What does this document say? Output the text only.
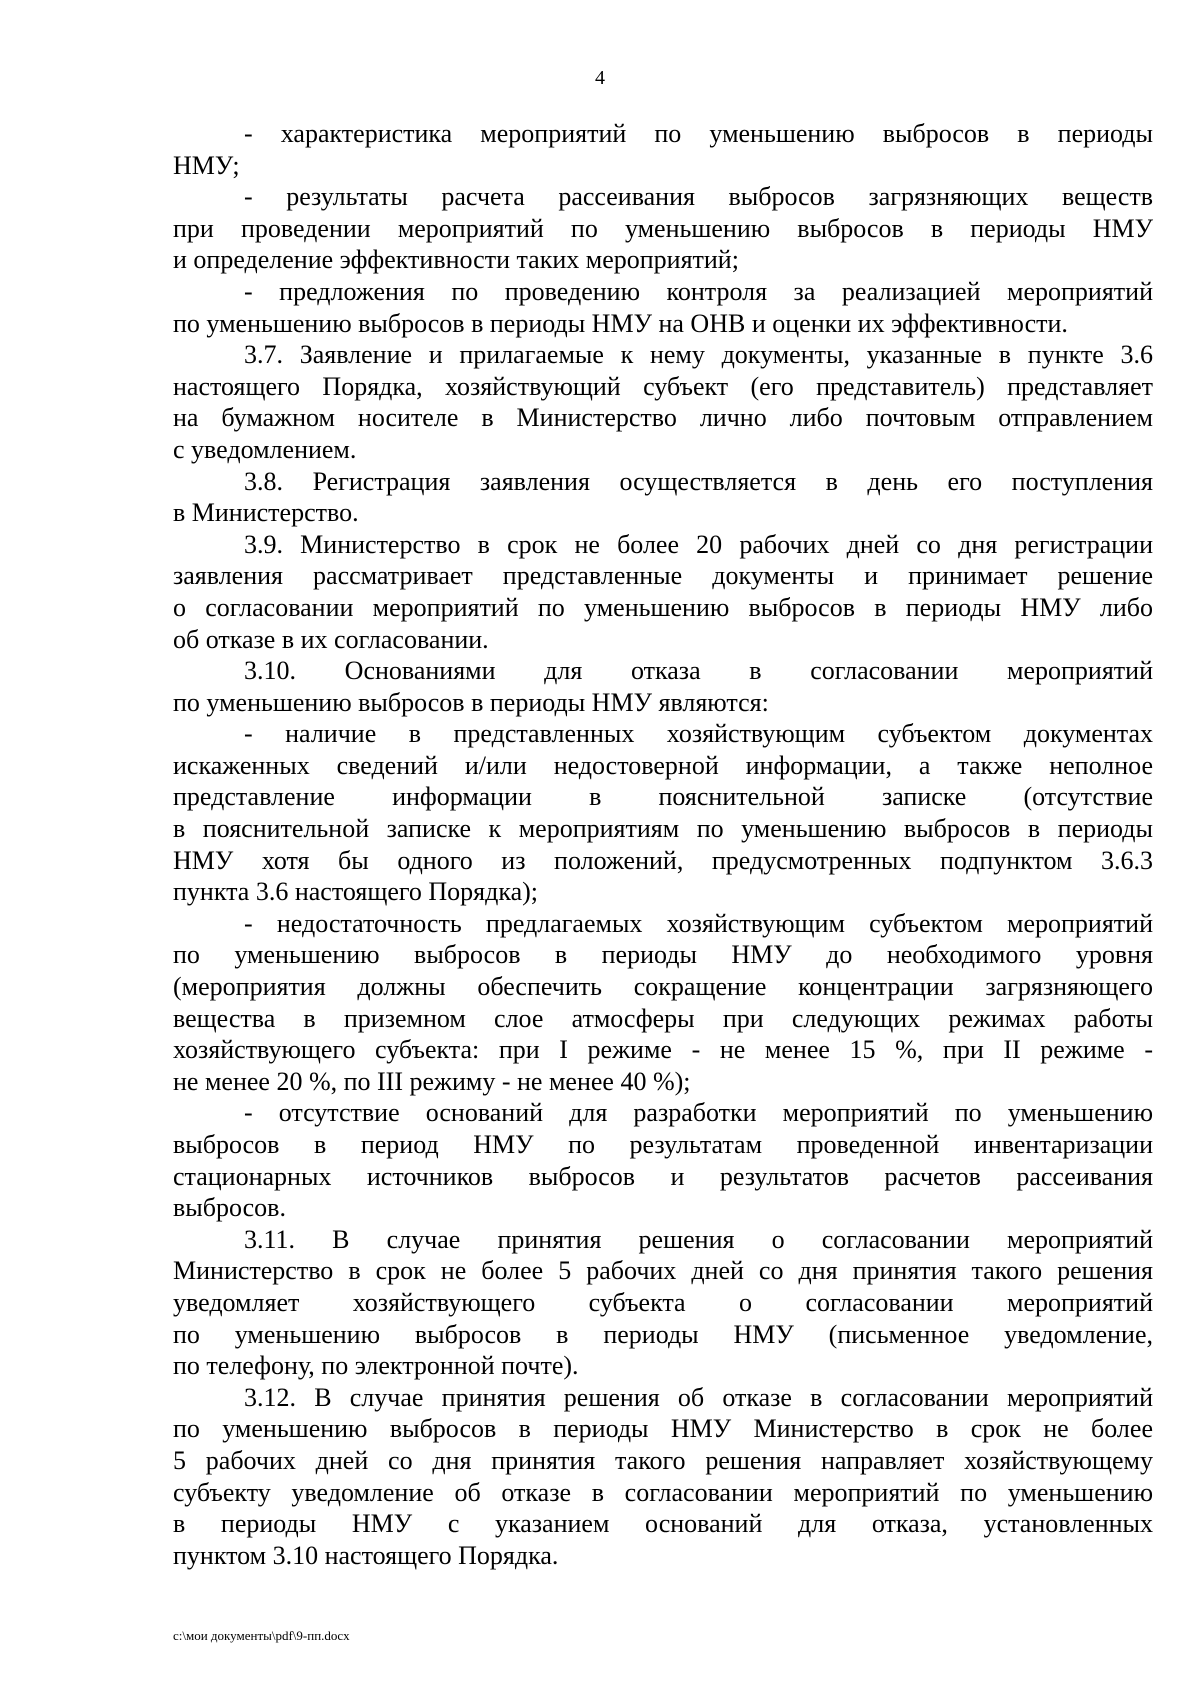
4
- характеристика мероприятий по уменьшению выбросов в периоды
НМУ;
- результаты расчета рассеивания выбросов загрязняющих веществ
при проведении мероприятий по уменьшению выбросов в периоды НМУ
и определение эффективности таких мероприятий;
- предложения по проведению контроля за реализацией мероприятий
по уменьшению выбросов в периоды НМУ на ОНВ и оценки их эффективности.
3.7. Заявление и прилагаемые к нему документы, указанные в пункте 3.6
настоящего Порядка, хозяйствующий субъект (его представитель) представляет
на бумажном носителе в Министерство лично либо почтовым отправлением
с уведомлением.
3.8. Регистрация заявления осуществляется в день его поступления
в Министерство.
3.9. Министерство в срок не более 20 рабочих дней со дня регистрации
заявления рассматривает представленные документы и принимает решение
о согласовании мероприятий по уменьшению выбросов в периоды НМУ либо
об отказе в их согласовании.
3.10. Основаниями для отказа в согласовании мероприятий
по уменьшению выбросов в периоды НМУ являются:
- наличие в представленных хозяйствующим субъектом документах
искаженных сведений и/или недостоверной информации, а также неполное
представление информации в пояснительной записке (отсутствие
в пояснительной записке к мероприятиям по уменьшению выбросов в периоды
НМУ хотя бы одного из положений, предусмотренных подпунктом 3.6.3
пункта 3.6 настоящего Порядка);
- недостаточность предлагаемых хозяйствующим субъектом мероприятий
по уменьшению выбросов в периоды НМУ до необходимого уровня
(мероприятия должны обеспечить сокращение концентрации загрязняющего
вещества в приземном слое атмосферы при следующих режимах работы
хозяйствующего субъекта: при I режиме - не менее 15 %, при II режиме -
не менее 20 %, по III режиму - не менее 40 %);
- отсутствие оснований для разработки мероприятий по уменьшению
выбросов в период НМУ по результатам проведенной инвентаризации
стационарных источников выбросов и результатов расчетов рассеивания
выбросов.
3.11. В случае принятия решения о согласовании мероприятий
Министерство в срок не более 5 рабочих дней со дня принятия такого решения
уведомляет хозяйствующего субъекта о согласовании мероприятий
по уменьшению выбросов в периоды НМУ (письменное уведомление,
по телефону, по электронной почте).
3.12. В случае принятия решения об отказе в согласовании мероприятий
по уменьшению выбросов в периоды НМУ Министерство в срок не более
5 рабочих дней со дня принятия такого решения направляет хозяйствующему
субъекту уведомление об отказе в согласовании мероприятий по уменьшению
в периоды НМУ с указанием оснований для отказа, установленных
пунктом 3.10 настоящего Порядка.
c:\мои документы\pdf\9-пп.docx
